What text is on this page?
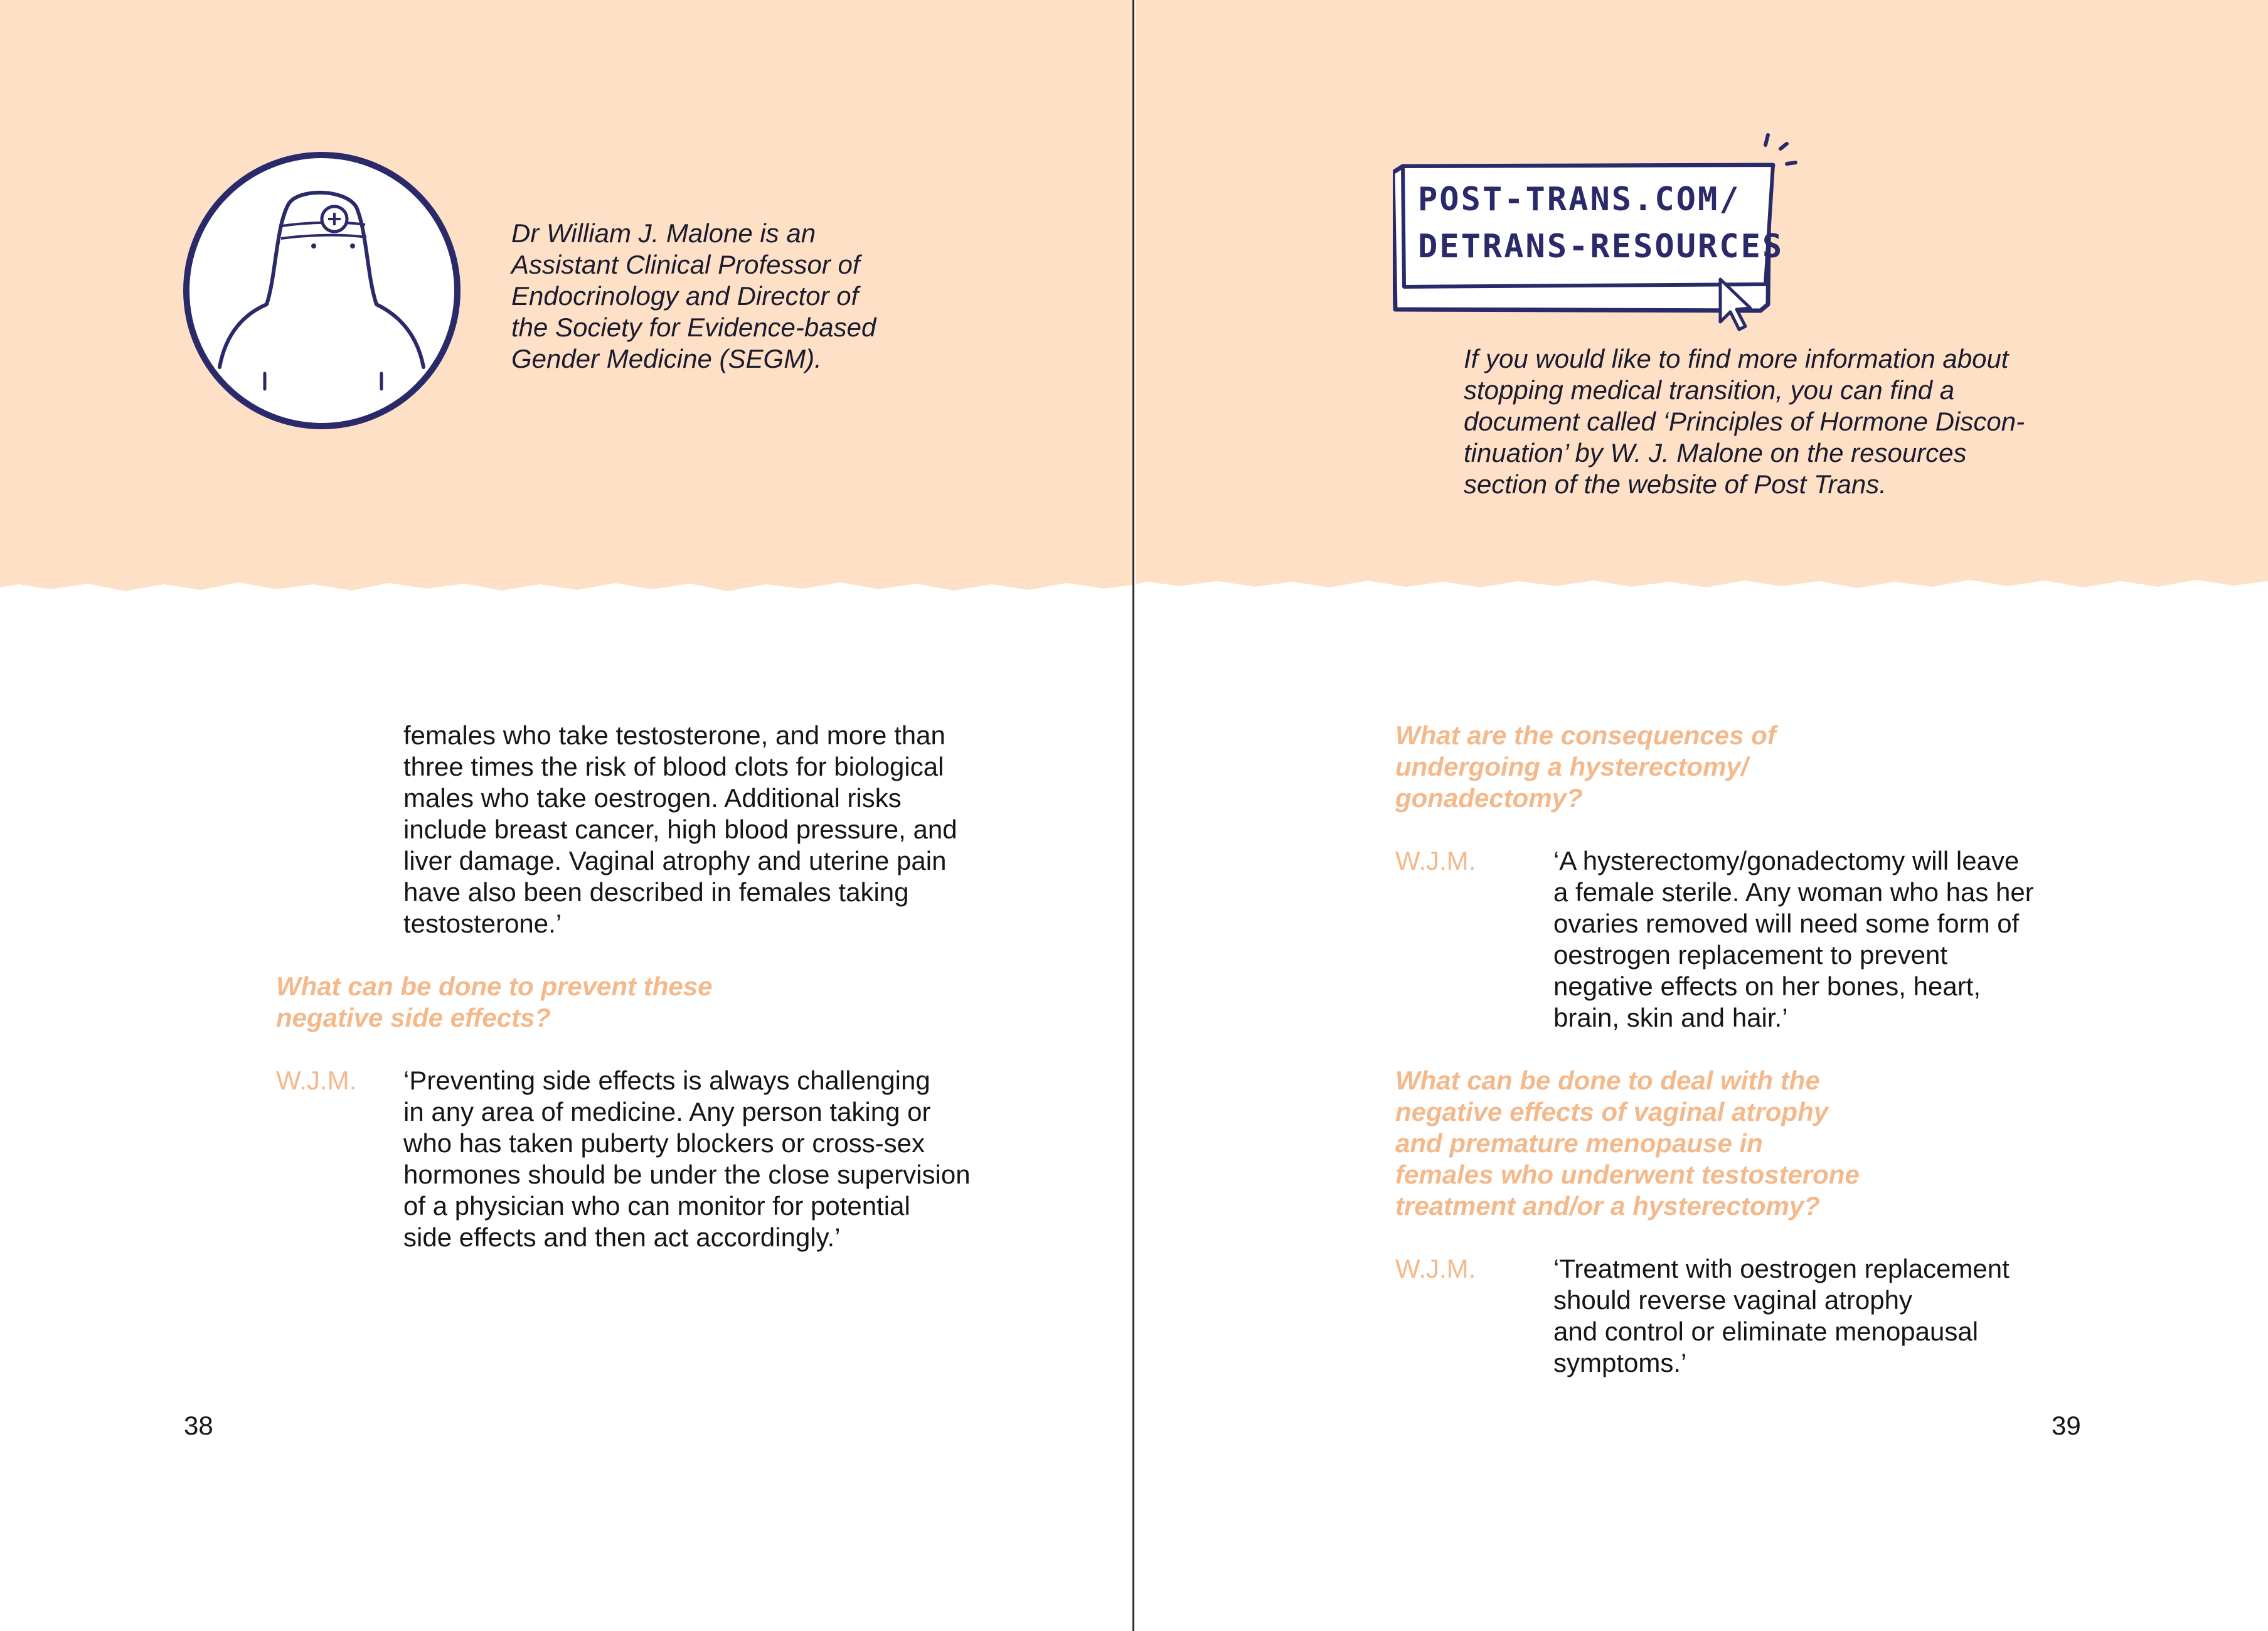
Dr William J. Malone is an
Assistant Clinical Professor of
Endocrinology and Director of
the Society for Evidence-based
Gender Medicine (SEGM).

females who take testosterone, and more than
three times the risk of blood clots for biological
males who take oestrogen. Additional risks
include breast cancer, high blood pressure, and
liver damage. Vaginal atrophy and uterine pain
have also been described in females taking
testosterone.’

What can be done to prevent these
negative side effects?

W.J.M.	‘Preventing side effects is always challenging
in any area of medicine. Any person taking or
who has taken puberty blockers or cross-sex
hormones should be under the close supervision
of a physician who can monitor for potential
side effects and then act accordingly.’

38
POST-TRANS.COM/
DETRANS-RESOURCES

If you would like to find more information about
stopping medical transition, you can find a
document called ‘Principles of Hormone Discon-
tinuation’ by W. J. Malone on the resources
section of the website of Post Trans.

What are the consequences of
undergoing a hysterectomy/
gonadectomy?

W.J.M.	‘A hysterectomy/gonadectomy will leave
a female sterile. Any woman who has her
ovaries removed will need some form of
oestrogen replacement to prevent
negative effects on her bones, heart,
brain, skin and hair.’

What can be done to deal with the
negative effects of vaginal atrophy
and premature menopause in
females who underwent testosterone
treatment and/or a hysterectomy?

W.J.M.	‘Treatment with oestrogen replacement
should reverse vaginal atrophy
and control or eliminate menopausal
symptoms.’

39
